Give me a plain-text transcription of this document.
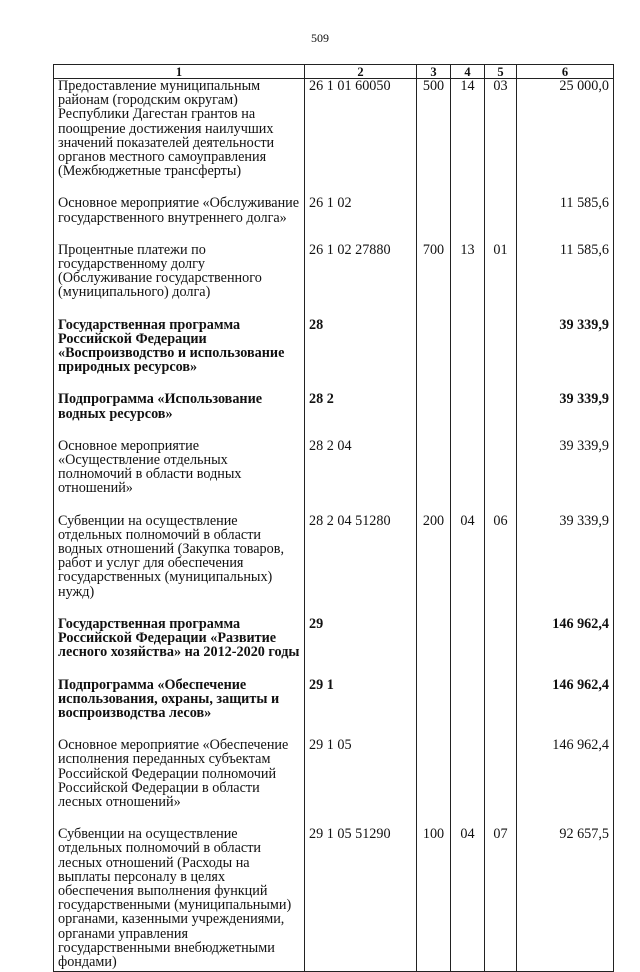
509
1	2	3	4	5	6
Предоставление муниципальным районам (городским округам) Республики Дагестан грантов на поощрение достижения наилучших значений показателей деятельности органов местного самоуправления (Межбюджетные трансферты)	26 1 01 60050	500	14	03	25 000,0

Основное мероприятие «Обслуживание государственного внутреннего долга»	26 1 02				11 585,6

Процентные платежи по государственному долгу (Обслуживание государственного (муниципального) долга)	26 1 02 27880	700	13	01	11 585,6

Государственная программа Российской Федерации «Воспроизводство и использование природных ресурсов»	28				39 339,9

Подпрограмма «Использование водных ресурсов»	28 2				39 339,9

Основное мероприятие «Осуществление отдельных полномочий в области водных отношений»	28 2 04				39 339,9

Субвенции на осуществление отдельных полномочий в области водных отношений (Закупка товаров, работ и услуг для обеспечения государственных (муниципальных) нужд)	28 2 04 51280	200	04	06	39 339,9

Государственная программа Российской Федерации «Развитие лесного хозяйства» на 2012-2020 годы	29				146 962,4

Подпрограмма «Обеспечение использования, охраны, защиты и воспроизводства лесов»	29 1				146 962,4

Основное мероприятие «Обеспечение исполнения переданных субъектам Российской Федерации полномочий Российской Федерации в области лесных отношений»	29 1 05				146 962,4

Субвенции на осуществление отдельных полномочий в области лесных отношений (Расходы на выплаты персоналу в целях обеспечения выполнения функций государственными (муниципальными) органами, казенными учреждениями, органами управления государственными внебюджетными фондами)	29 1 05 51290	100	04	07	92 657,5
